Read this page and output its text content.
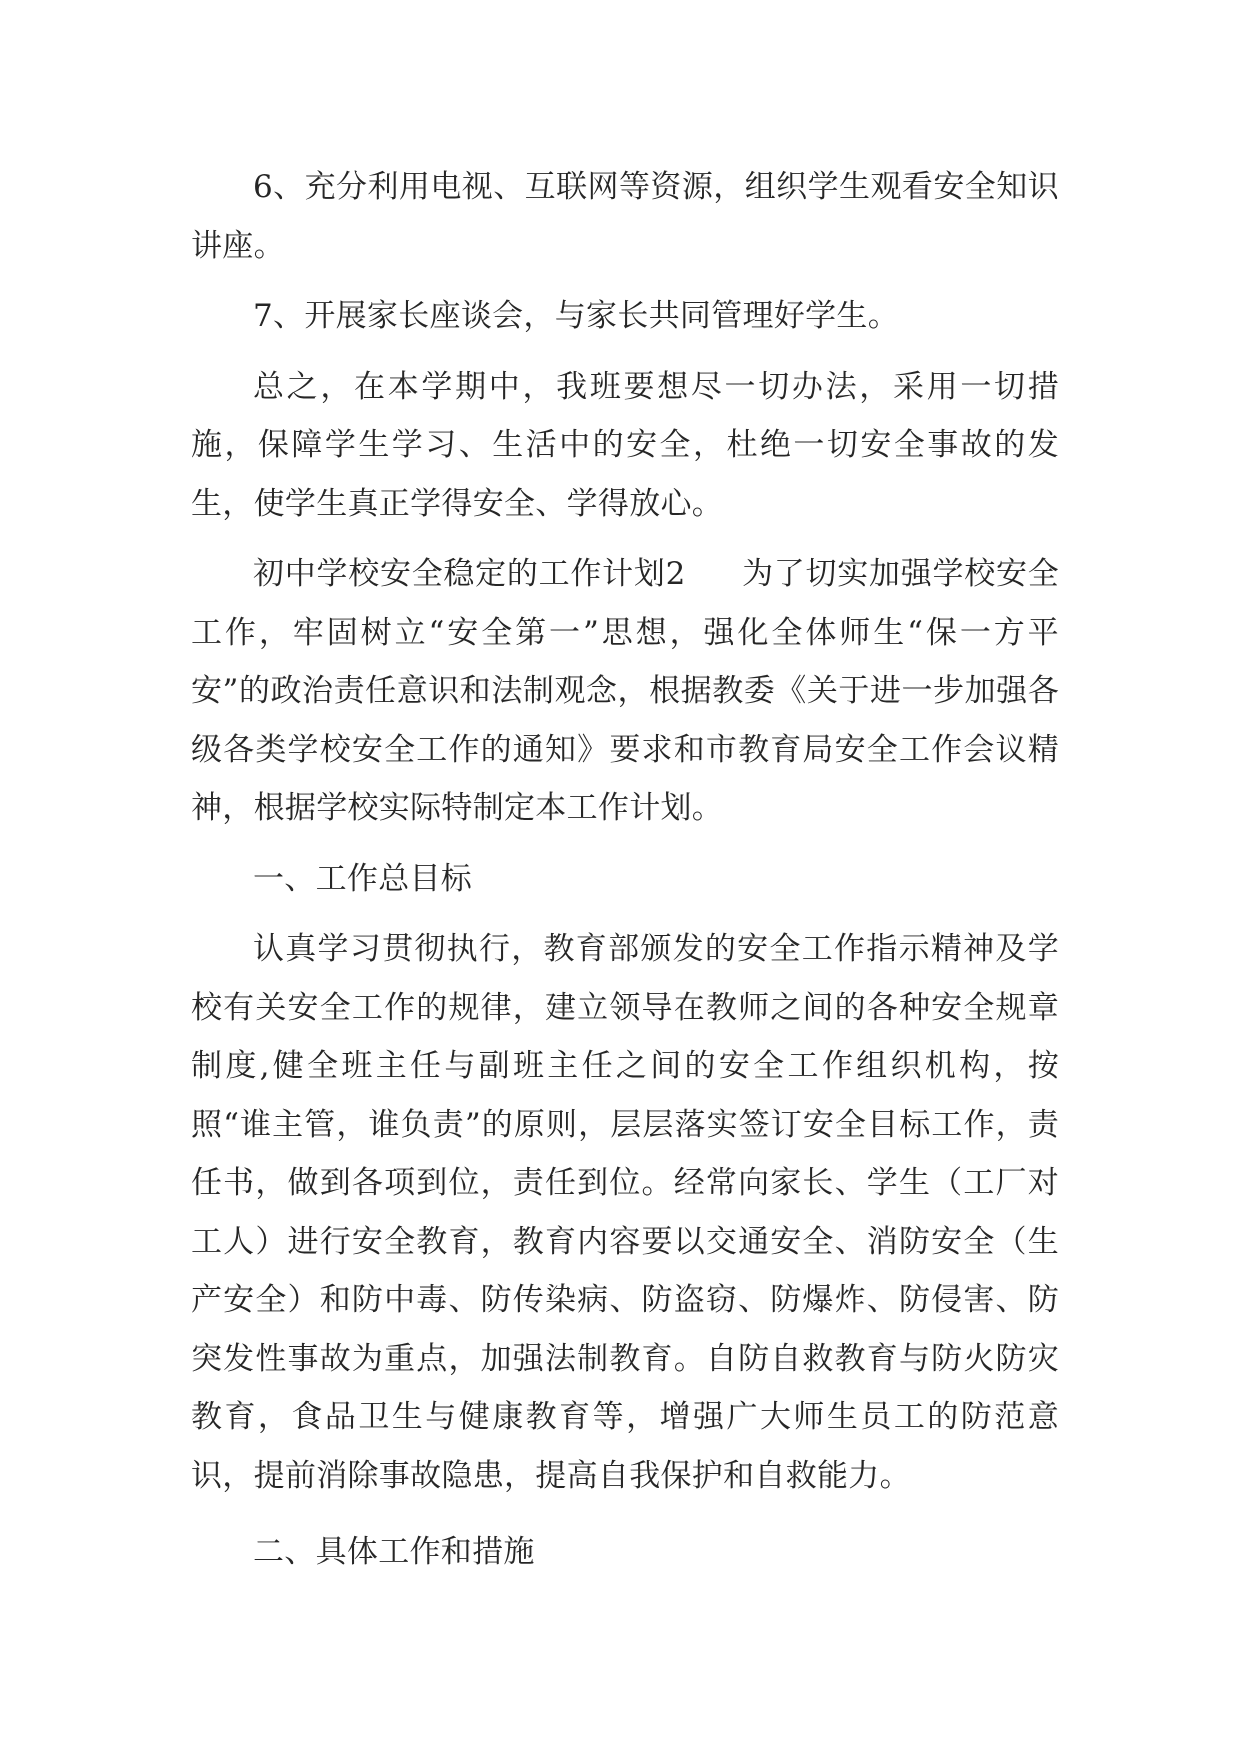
6、充分利用电视、互联网等资源，组织学生观看安全知识讲座。

7、开展家长座谈会，与家长共同管理好学生。

总之，在本学期中，我班要想尽一切办法，采用一切措施，保障学生学习、生活中的安全，杜绝一切安全事故的发生，使学生真正学得安全、学得放心。

初中学校安全稳定的工作计划2 为了切实加强学校安全工作，牢固树立“安全第一”思想，强化全体师生“保一方平安”的政治责任意识和法制观念，根据教委《关于进一步加强各级各类学校安全工作的通知》要求和市教育局安全工作会议精神，根据学校实际特制定本工作计划。

一、工作总目标

认真学习贯彻执行，教育部颁发的安全工作指示精神及学校有关安全工作的规律，建立领导在教师之间的各种安全规章制度,健全班主任与副班主任之间的安全工作组织机构，按照“谁主管，谁负责”的原则，层层落实签订安全目标工作，责任书，做到各项到位，责任到位。经常向家长、学生（工厂对工人）进行安全教育，教育内容要以交通安全、消防安全（生产安全）和防中毒、防传染病、防盗窃、防爆炸、防侵害、防突发性事故为重点，加强法制教育。自防自救教育与防火防灾教育，食品卫生与健康教育等，增强广大师生员工的防范意识，提前消除事故隐患，提高自我保护和自救能力。

二、具体工作和措施
